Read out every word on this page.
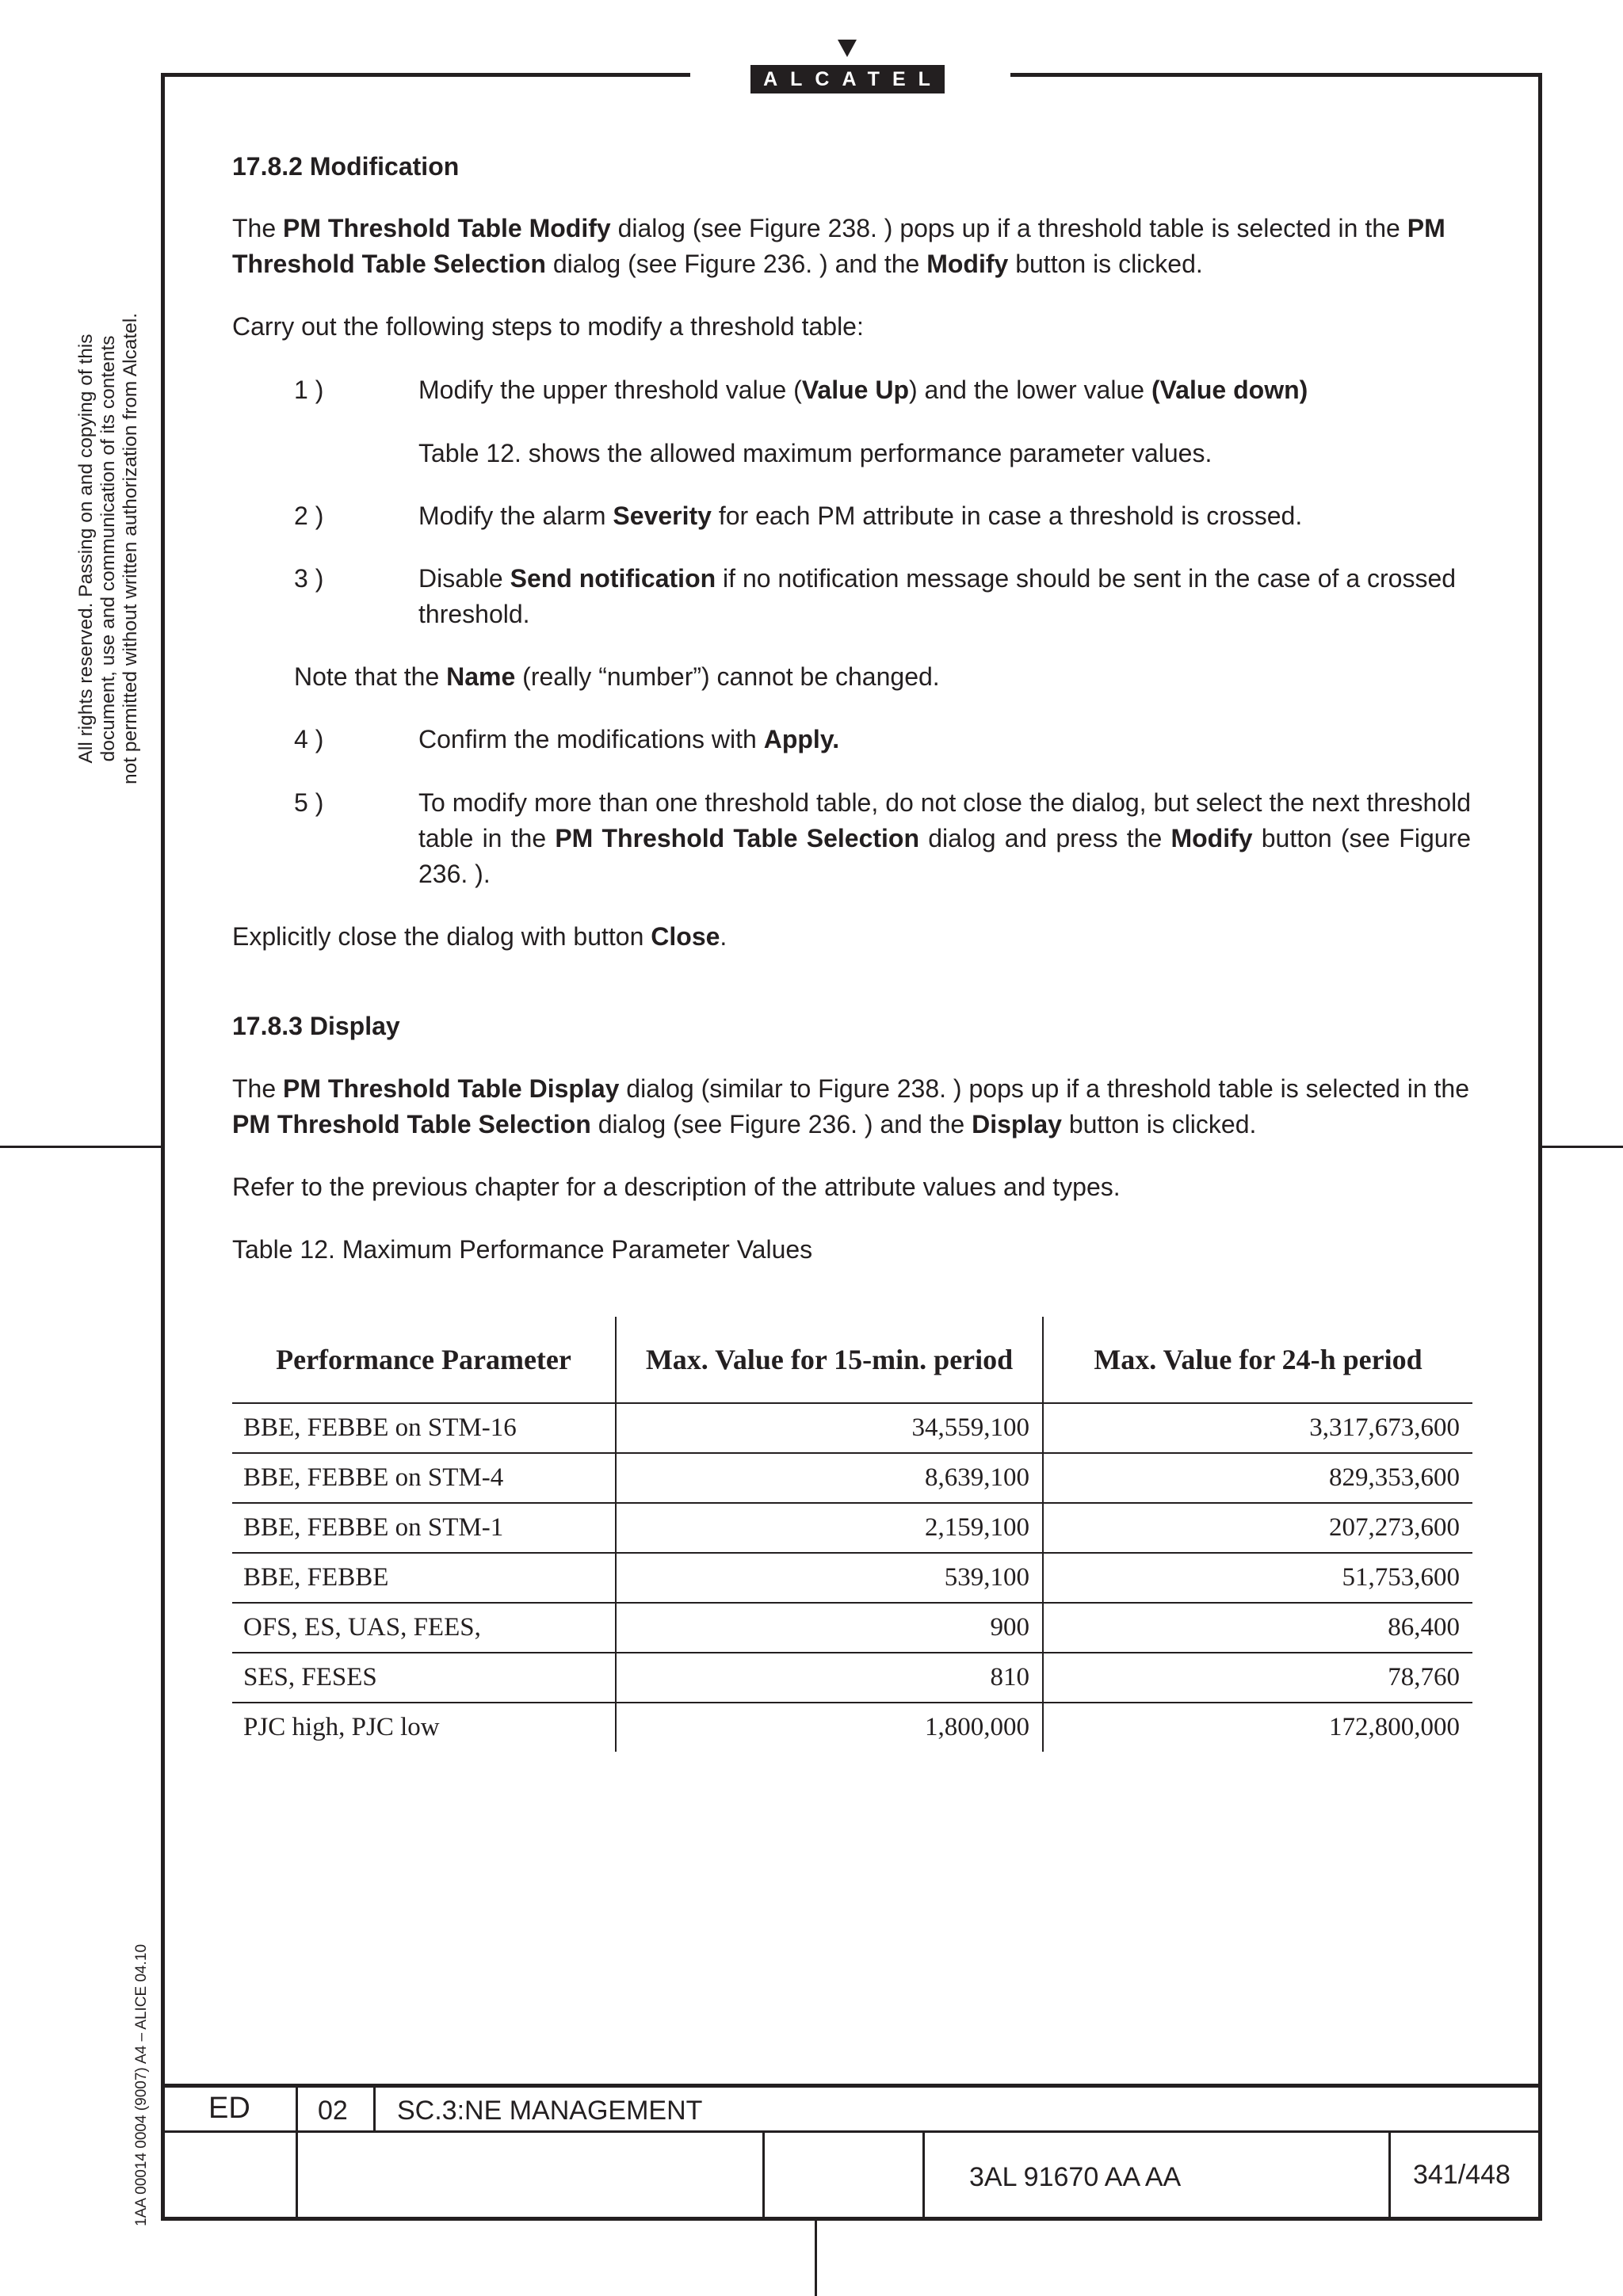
ALCATEL
All rights reserved. Passing on and copying of this document, use and communication of its contents not permitted without written authorization from Alcatel.
1AA 00014 0004 (9007) A4 – ALICE 04.10
17.8.2 Modification

The PM Threshold Table Modify dialog (see Figure 238. ) pops up if a threshold table is selected in the PM Threshold Table Selection dialog (see Figure 236. ) and the Modify button is clicked.

Carry out the following steps to modify a threshold table:

1 )	Modify the upper threshold value (Value Up) and the lower value (Value down)
Table 12. shows the allowed maximum performance parameter values.
2 )	Modify the alarm Severity for each PM attribute in case a threshold is crossed.
3 )	Disable Send notification if no notification message should be sent in the case of a crossed threshold.
Note that the Name (really “number”) cannot be changed.
4 )	Confirm the modifications with Apply.
5 )	To modify more than one threshold table, do not close the dialog, but select the next threshold table in the PM Threshold Table Selection dialog and press the Modify button (see Figure 236. ).

Explicitly close the dialog with button Close.

17.8.3 Display

The PM Threshold Table Display dialog (similar to Figure 238. ) pops up if a threshold table is selected in the PM Threshold Table Selection dialog (see Figure 236. ) and the Display button is clicked.

Refer to the previous chapter for a description of the attribute values and types.

Table 12. Maximum Performance Parameter Values

Performance Parameter	Max. Value for 15-min. period	Max. Value for 24-h period
BBE, FEBBE on STM-16	34,559,100	3,317,673,600
BBE, FEBBE on STM-4	8,639,100	829,353,600
BBE, FEBBE on STM-1	2,159,100	207,273,600
BBE, FEBBE	539,100	51,753,600
OFS, ES, UAS, FEES,	900	86,400
SES, FESES	810	78,760
PJC high, PJC low	1,800,000	172,800,000
ED	02 SC.3:NE MANAGEMENT
3AL 91670 AA AA	341/448
